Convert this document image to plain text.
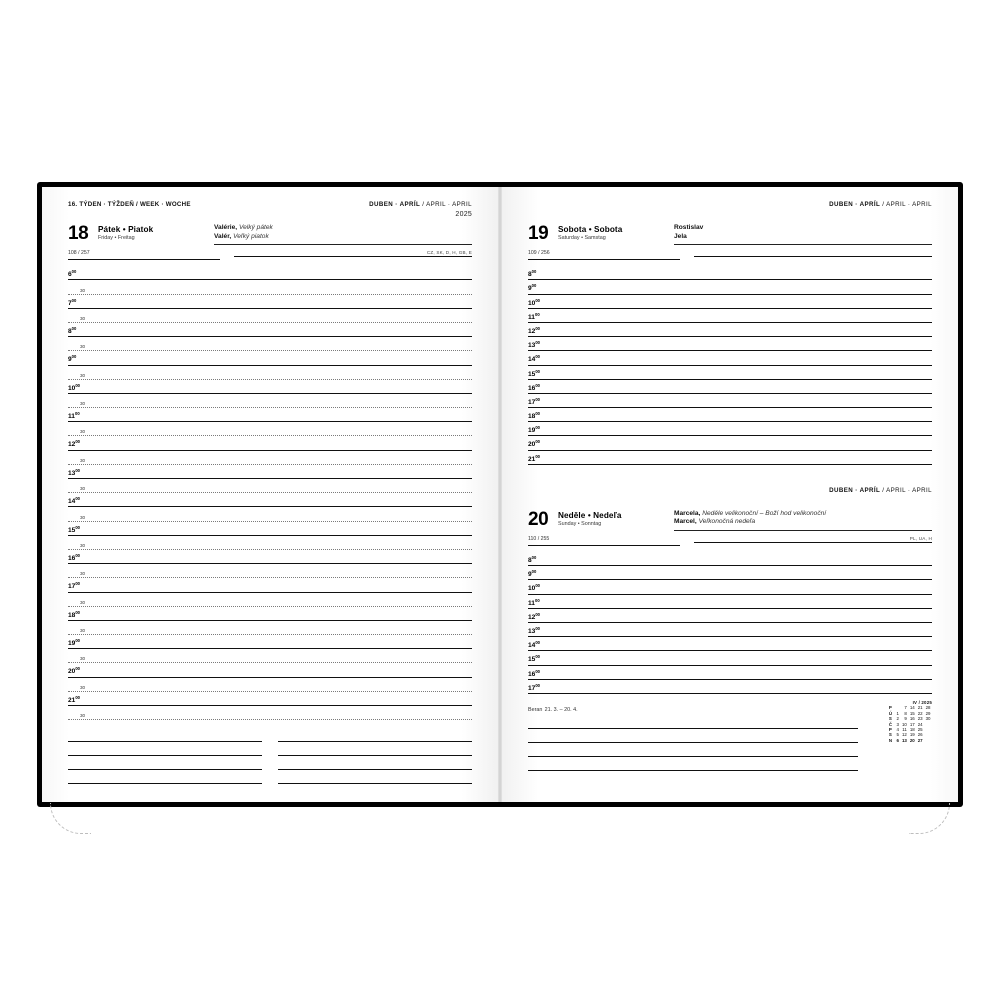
16. TÝDEN · TÝŽDEŇ / WEEK · WOCHE	DUBEN · APRÍL / APRIL · APRIL
2025
18	Pátek • Piatok
Friday • Freitag
Valérie, Velký pátek
Valér, Veľký piatok
108 / 257	CZ, SK, D, H, GB, E
$6^{00}$
30
$7^{00}$
30
$8^{00}$
30
$9^{00}$
30
$10^{00}$
30
$11^{00}$
30
$12^{00}$
30
$13^{00}$
30
$14^{00}$
30
$15^{00}$
30
$16^{00}$
30
$17^{00}$
30
$18^{00}$
30
$19^{00}$
30
$20^{00}$
30
$21^{00}$
30
DUBEN · APRÍL / APRIL · APRIL
19	Sobota • Sobota
Saturday • Samstag
Rostislav
Jela
109 / 256

$8^{00}$
$9^{00}$
$10^{00}$
$11^{00}$
$12^{00}$
$13^{00}$
$14^{00}$
$15^{00}$
$16^{00}$
$17^{00}$
$18^{00}$
$19^{00}$
$20^{00}$
$21^{00}$
DUBEN · APRÍL / APRIL · APRIL
20	Neděle • Nedeľa
Sunday • Sonntag
Marcela, Neděle velikonoční – Boží hod velikonoční
Marcel, Veľkonočná nedeľa
110 / 255	PL, UA, H
$8^{00}$
$9^{00}$
$10^{00}$
$11^{00}$
$12^{00}$
$13^{00}$
$14^{00}$
$15^{00}$
$16^{00}$
$17^{00}$
Beran 21. 3. – 20. 4.
IV / 2025
P		7	14	21	28
Ú	1	8	15	22	29
S	2	9	16	23	30
Č	3	10	17	24	
P	4	11	18	25	
S	5	12	19	26	
N	6	13	20	27	
